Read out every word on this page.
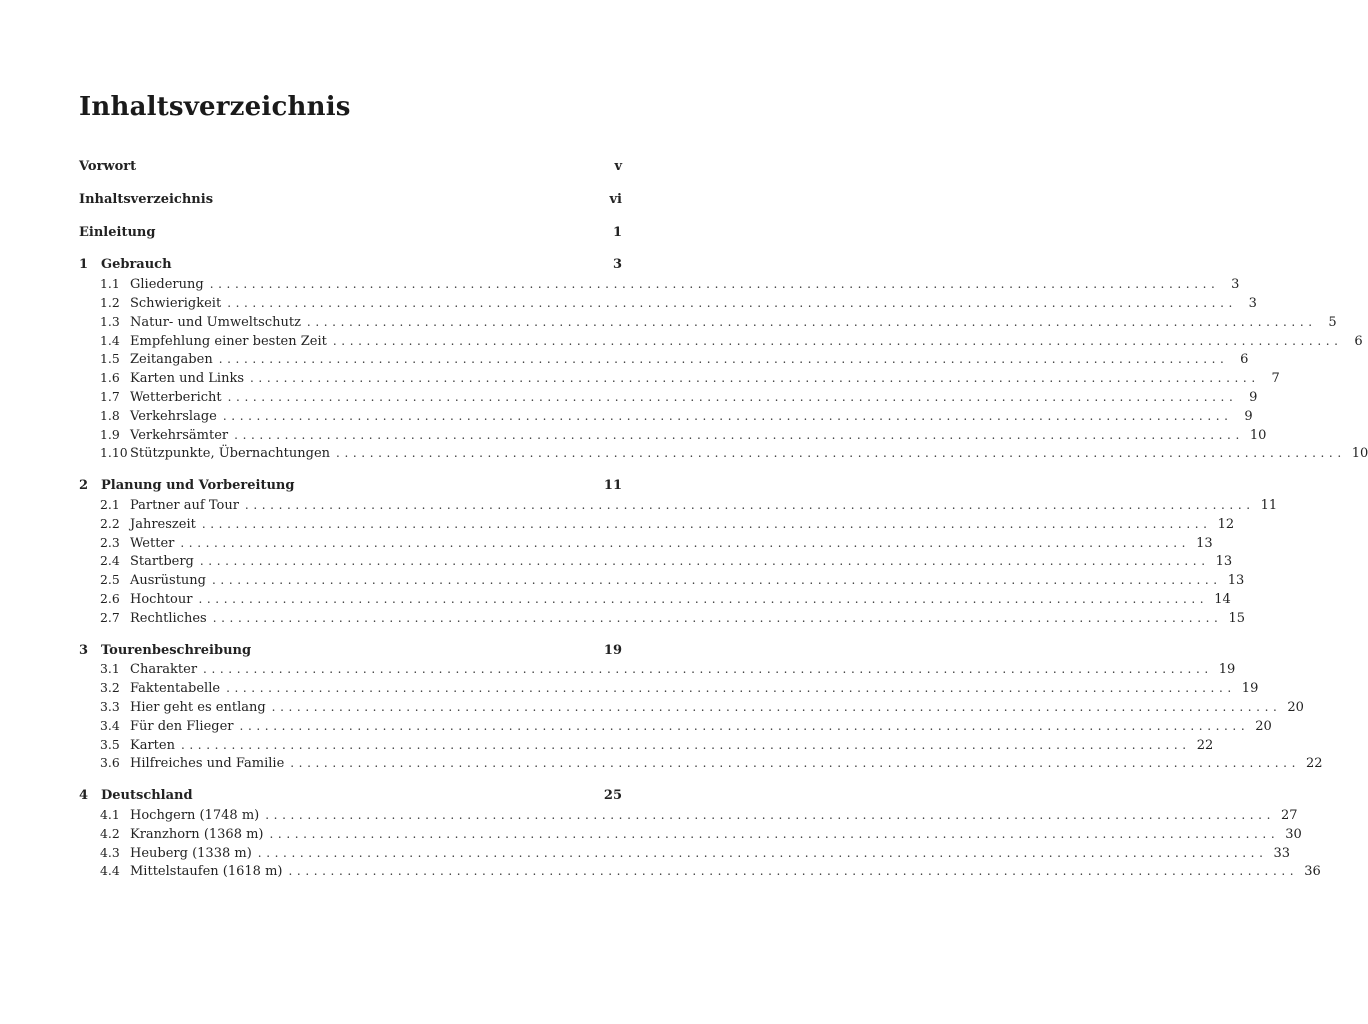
Inhaltsverzeichnis
Vorwort	v
Inhaltsverzeichnis	vi
Einleitung	1
1 Gebrauch	3
1.1 Gliederung ........................................................................................................................ 3
1.2 Schwierigkeit ........................................................................................................................ 3
1.3 Natur- und Umweltschutz ........................................................................................................................ 5
1.4 Empfehlung einer besten Zeit ........................................................................................................................ 6
1.5 Zeitangaben ........................................................................................................................ 6
1.6 Karten und Links ........................................................................................................................ 7
1.7 Wetterbericht ........................................................................................................................ 9
1.8 Verkehrslage ........................................................................................................................ 9
1.9 Verkehrsämter ........................................................................................................................ 10
1.10 Stützpunkte, Übernachtungen ........................................................................................................................ 10
2 Planung und Vorbereitung	11
2.1 Partner auf Tour ........................................................................................................................ 11
2.2 Jahreszeit ........................................................................................................................ 12
2.3 Wetter ........................................................................................................................ 13
2.4 Startberg ........................................................................................................................ 13
2.5 Ausrüstung ........................................................................................................................ 13
2.6 Hochtour ........................................................................................................................ 14
2.7 Rechtliches ........................................................................................................................ 15
3 Tourenbeschreibung	19
3.1 Charakter ........................................................................................................................ 19
3.2 Faktentabelle ........................................................................................................................ 19
3.3 Hier geht es entlang ........................................................................................................................ 20
3.4 Für den Flieger ........................................................................................................................ 20
3.5 Karten ........................................................................................................................ 22
3.6 Hilfreiches und Familie ........................................................................................................................ 22
4 Deutschland	25
4.1 Hochgern (1748 m) ........................................................................................................................ 27
4.2 Kranzhorn (1368 m) ........................................................................................................................ 30
4.3 Heuberg (1338 m) ........................................................................................................................ 33
4.4 Mittelstaufen (1618 m) ........................................................................................................................ 36
